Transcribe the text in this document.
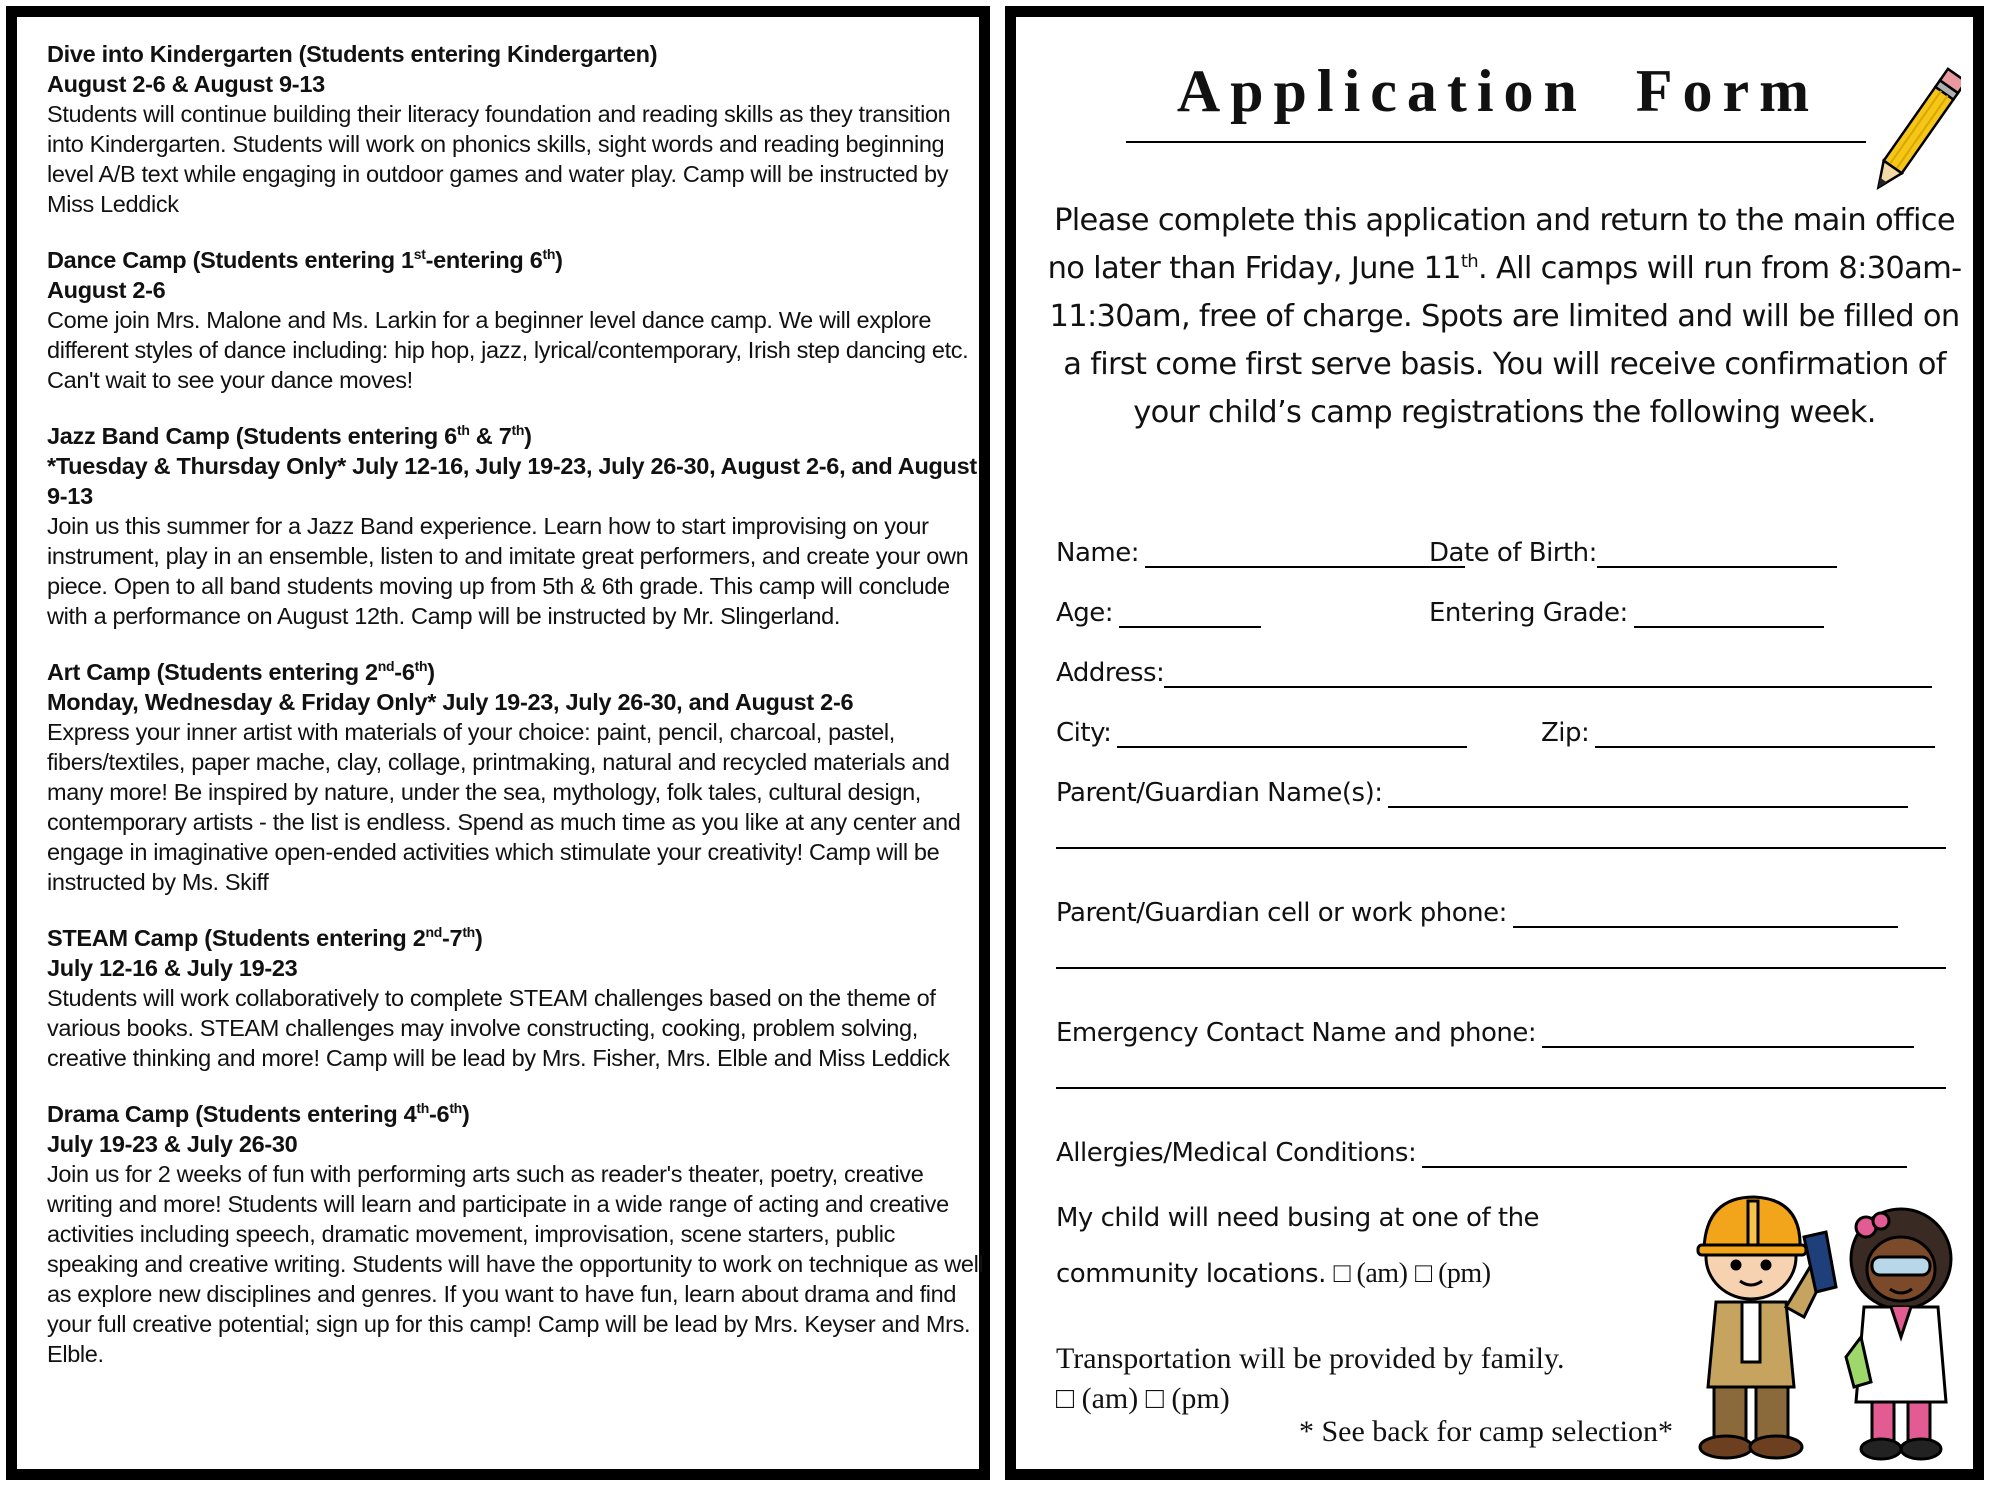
Dive into Kindergarten (Students entering Kindergarten)

August 2-6 & August 9-13

Students will continue building their literacy foundation and reading skills as they transition into Kindergarten. Students will work on phonics skills, sight words and reading beginning level A/B text while engaging in outdoor games and water play. Camp will be instructed by Miss Leddick

Dance Camp (Students entering 1st-entering 6th)

August 2-6

Come join Mrs. Malone and Ms. Larkin for a beginner level dance camp. We will explore different styles of dance including: hip hop, jazz, lyrical/contemporary, Irish step dancing etc. Can't wait to see your dance moves!

Jazz Band Camp (Students entering 6th & 7th)

*Tuesday & Thursday Only* July 12-16, July 19-23, July 26-30, August 2-6, and August 9-13

Join us this summer for a Jazz Band experience. Learn how to start improvising on your instrument, play in an ensemble, listen to and imitate great performers, and create your own piece. Open to all band students moving up from 5th & 6th grade. This camp will conclude with a performance on August 12th. Camp will be instructed by Mr. Slingerland.

Art Camp (Students entering 2nd-6th)

Monday, Wednesday & Friday Only* July 19-23, July 26-30, and August 2-6

Express your inner artist with materials of your choice: paint, pencil, charcoal, pastel, fibers/textiles, paper mache, clay, collage, printmaking, natural and recycled materials and many more! Be inspired by nature, under the sea, mythology, folk tales, cultural design, contemporary artists - the list is endless. Spend as much time as you like at any center and engage in imaginative open-ended activities which stimulate your creativity! Camp will be instructed by Ms. Skiff

STEAM Camp (Students entering 2nd-7th)

July 12-16 & July 19-23

Students will work collaboratively to complete STEAM challenges based on the theme of various books. STEAM challenges may involve constructing, cooking, problem solving, creative thinking and more! Camp will be lead by Mrs. Fisher, Mrs. Elble and Miss Leddick

Drama Camp (Students entering 4th-6th)

July 19-23 & July 26-30

Join us for 2 weeks of fun with performing arts such as reader's theater, poetry, creative writing and more! Students will learn and participate in a wide range of acting and creative activities including speech, dramatic movement, improvisation, scene starters, public speaking and creative writing. Students will have the opportunity to work on technique as well as explore new disciplines and genres. If you want to have fun, learn about drama and find your full creative potential; sign up for this camp! Camp will be lead by Mrs. Keyser and Mrs. Elble.

Application Form

Please complete this application and return to the main office no later than Friday, June 11th. All camps will run from 8:30am-11:30am, free of charge. Spots are limited and will be filled on a first come first serve basis. You will receive confirmation of your child’s camp registrations the following week.

Name:	Date of Birth:
Age:	Entering Grade:
Address:
City:	Zip:
Parent/Guardian Name(s):
Parent/Guardian cell or work phone:
Emergency Contact Name and phone:
Allergies/Medical Conditions:

My child will need busing at one of the
community locations. □ (am) □ (pm)

Transportation will be provided by family.
□ (am) □ (pm)

* See back for camp selection*
